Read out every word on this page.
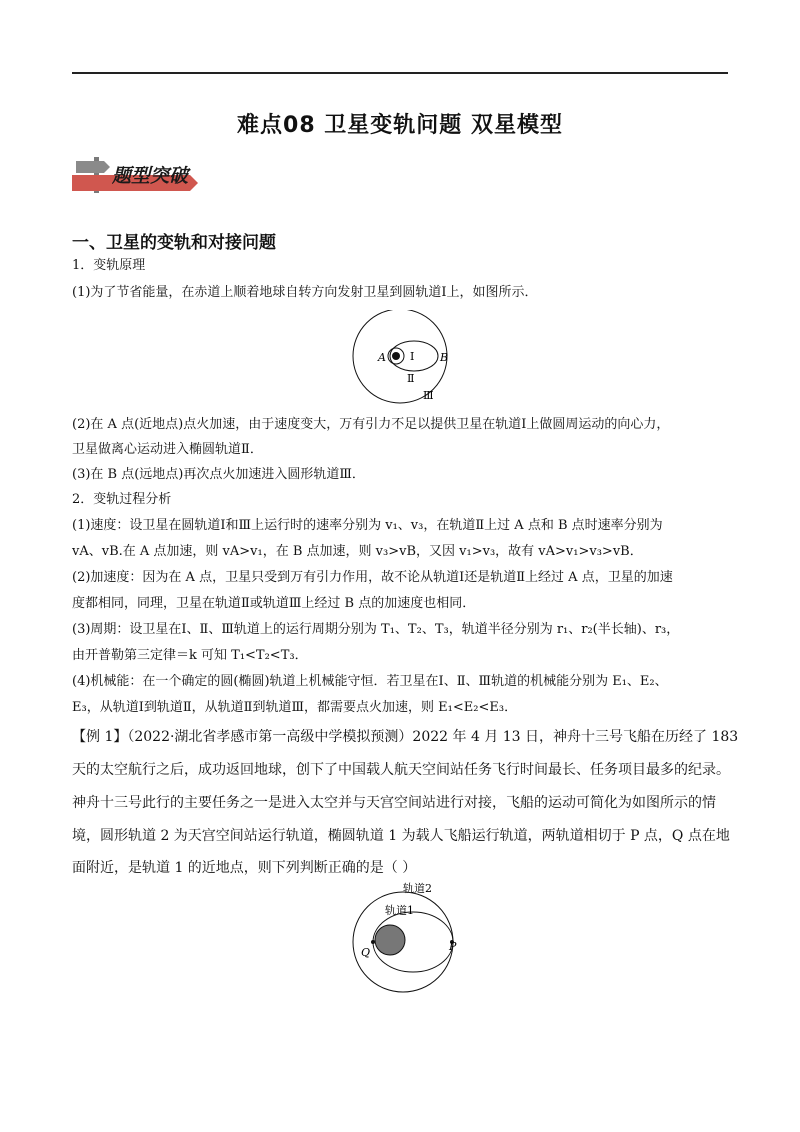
难点08 卫星变轨问题 双星模型
题型突破
一、卫星的变轨和对接问题
1．变轨原理
(1)为了节省能量，在赤道上顺着地球自转方向发射卫星到圆轨道Ⅰ上，如图所示．
A	B
Ⅰ
Ⅱ
Ⅲ
(2)在 A 点(近地点)点火加速，由于速度变大，万有引力不足以提供卫星在轨道Ⅰ上做圆周运动的向心力，
卫星做离心运动进入椭圆轨道Ⅱ．
(3)在 B 点(远地点)再次点火加速进入圆形轨道Ⅲ．
2．变轨过程分析
(1)速度：设卫星在圆轨道Ⅰ和Ⅲ上运行时的速率分别为 v₁、v₃，在轨道Ⅱ上过 A 点和 B 点时速率分别为
vA、vB.在 A 点加速，则 vA>v₁，在 B 点加速，则 v₃>vB，又因 v₁>v₃，故有 vA>v₁>v₃>vB．
(2)加速度：因为在 A 点，卫星只受到万有引力作用，故不论从轨道Ⅰ还是轨道Ⅱ上经过 A 点，卫星的加速
度都相同，同理，卫星在轨道Ⅱ或轨道Ⅲ上经过 B 点的加速度也相同．
(3)周期：设卫星在Ⅰ、Ⅱ、Ⅲ轨道上的运行周期分别为 T₁、T₂、T₃，轨道半径分别为 r₁、r₂(半长轴)、r₃，
由开普勒第三定律＝k 可知 T₁<T₂<T₃．
(4)机械能：在一个确定的圆(椭圆)轨道上机械能守恒．若卫星在Ⅰ、Ⅱ、Ⅲ轨道的机械能分别为 E₁、E₂、
E₃，从轨道Ⅰ到轨道Ⅱ，从轨道Ⅱ到轨道Ⅲ，都需要点火加速，则 E₁<E₂<E₃．
【例 1】（2022·湖北省孝感市第一高级中学模拟预测）2022 年 4 月 13 日，神舟十三号飞船在历经了 183
天的太空航行之后，成功返回地球，创下了中国载人航天空间站任务飞行时间最长、任务项目最多的纪录。
神舟十三号此行的主要任务之一是进入太空并与天宫空间站进行对接，飞船的运动可简化为如图所示的情
境，圆形轨道 2 为天宫空间站运行轨道，椭圆轨道 1 为载人飞船运行轨道，两轨道相切于 P 点，Q 点在地
面附近，是轨道 1 的近地点，则下列判断正确的是（ ）
轨道2
轨道1
P
Q
